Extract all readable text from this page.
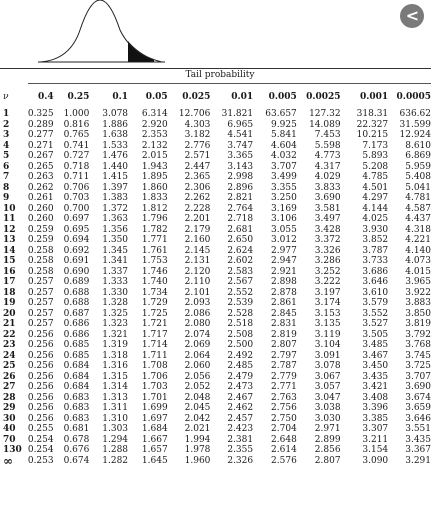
<
Tail probability
ν	0.4	0.25	0.1	0.05	0.025	0.01	0.005	0.0025	0.001	0.0005
1	0.325	1.000	3.078	6.314	12.706	31.821	63.657	127.32	318.31	636.62
2	0.289	0.816	1.886	2.920	4.303	6.965	9.925	14.089	22.327	31.599
3	0.277	0.765	1.638	2.353	3.182	4.541	5.841	7.453	10.215	12.924
4	0.271	0.741	1.533	2.132	2.776	3.747	4.604	5.598	7.173	8.610
5	0.267	0.727	1.476	2.015	2.571	3.365	4.032	4.773	5.893	6.869
6	0.265	0.718	1.440	1.943	2.447	3.143	3.707	4.317	5.208	5.959
7	0.263	0.711	1.415	1.895	2.365	2.998	3.499	4.029	4.785	5.408
8	0.262	0.706	1.397	1.860	2.306	2.896	3.355	3.833	4.501	5.041
9	0.261	0.703	1.383	1.833	2.262	2.821	3.250	3.690	4.297	4.781
10	0.260	0.700	1.372	1.812	2.228	2.764	3.169	3.581	4.144	4.587
11	0.260	0.697	1.363	1.796	2.201	2.718	3.106	3.497	4.025	4.437
12	0.259	0.695	1.356	1.782	2.179	2.681	3.055	3.428	3.930	4.318
13	0.259	0.694	1.350	1.771	2.160	2.650	3.012	3.372	3.852	4.221
14	0.258	0.692	1.345	1.761	2.145	2.624	2.977	3.326	3.787	4.140
15	0.258	0.691	1.341	1.753	2.131	2.602	2.947	3.286	3.733	4.073
16	0.258	0.690	1.337	1.746	2.120	2.583	2.921	3.252	3.686	4.015
17	0.257	0.689	1.333	1.740	2.110	2.567	2.898	3.222	3.646	3.965
18	0.257	0.688	1.330	1.734	2.101	2.552	2.878	3.197	3.610	3.922
19	0.257	0.688	1.328	1.729	2.093	2.539	2.861	3.174	3.579	3.883
20	0.257	0.687	1.325	1.725	2.086	2.528	2.845	3.153	3.552	3.850
21	0.257	0.686	1.323	1.721	2.080	2.518	2.831	3.135	3.527	3.819
22	0.256	0.686	1.321	1.717	2.074	2.508	2.819	3.119	3.505	3.792
23	0.256	0.685	1.319	1.714	2.069	2.500	2.807	3.104	3.485	3.768
24	0.256	0.685	1.318	1.711	2.064	2.492	2.797	3.091	3.467	3.745
25	0.256	0.684	1.316	1.708	2.060	2.485	2.787	3.078	3.450	3.725
26	0.256	0.684	1.315	1.706	2.056	2.479	2.779	3.067	3.435	3.707
27	0.256	0.684	1.314	1.703	2.052	2.473	2.771	3.057	3.421	3.690
28	0.256	0.683	1.313	1.701	2.048	2.467	2.763	3.047	3.408	3.674
29	0.256	0.683	1.311	1.699	2.045	2.462	2.756	3.038	3.396	3.659
30	0.256	0.683	1.310	1.697	2.042	2.457	2.750	3.030	3.385	3.646
40	0.255	0.681	1.303	1.684	2.021	2.423	2.704	2.971	3.307	3.551
70	0.254	0.678	1.294	1.667	1.994	2.381	2.648	2.899	3.211	3.435
130	0.254	0.676	1.288	1.657	1.978	2.355	2.614	2.856	3.154	3.367
∞	0.253	0.674	1.282	1.645	1.960	2.326	2.576	2.807	3.090	3.291
